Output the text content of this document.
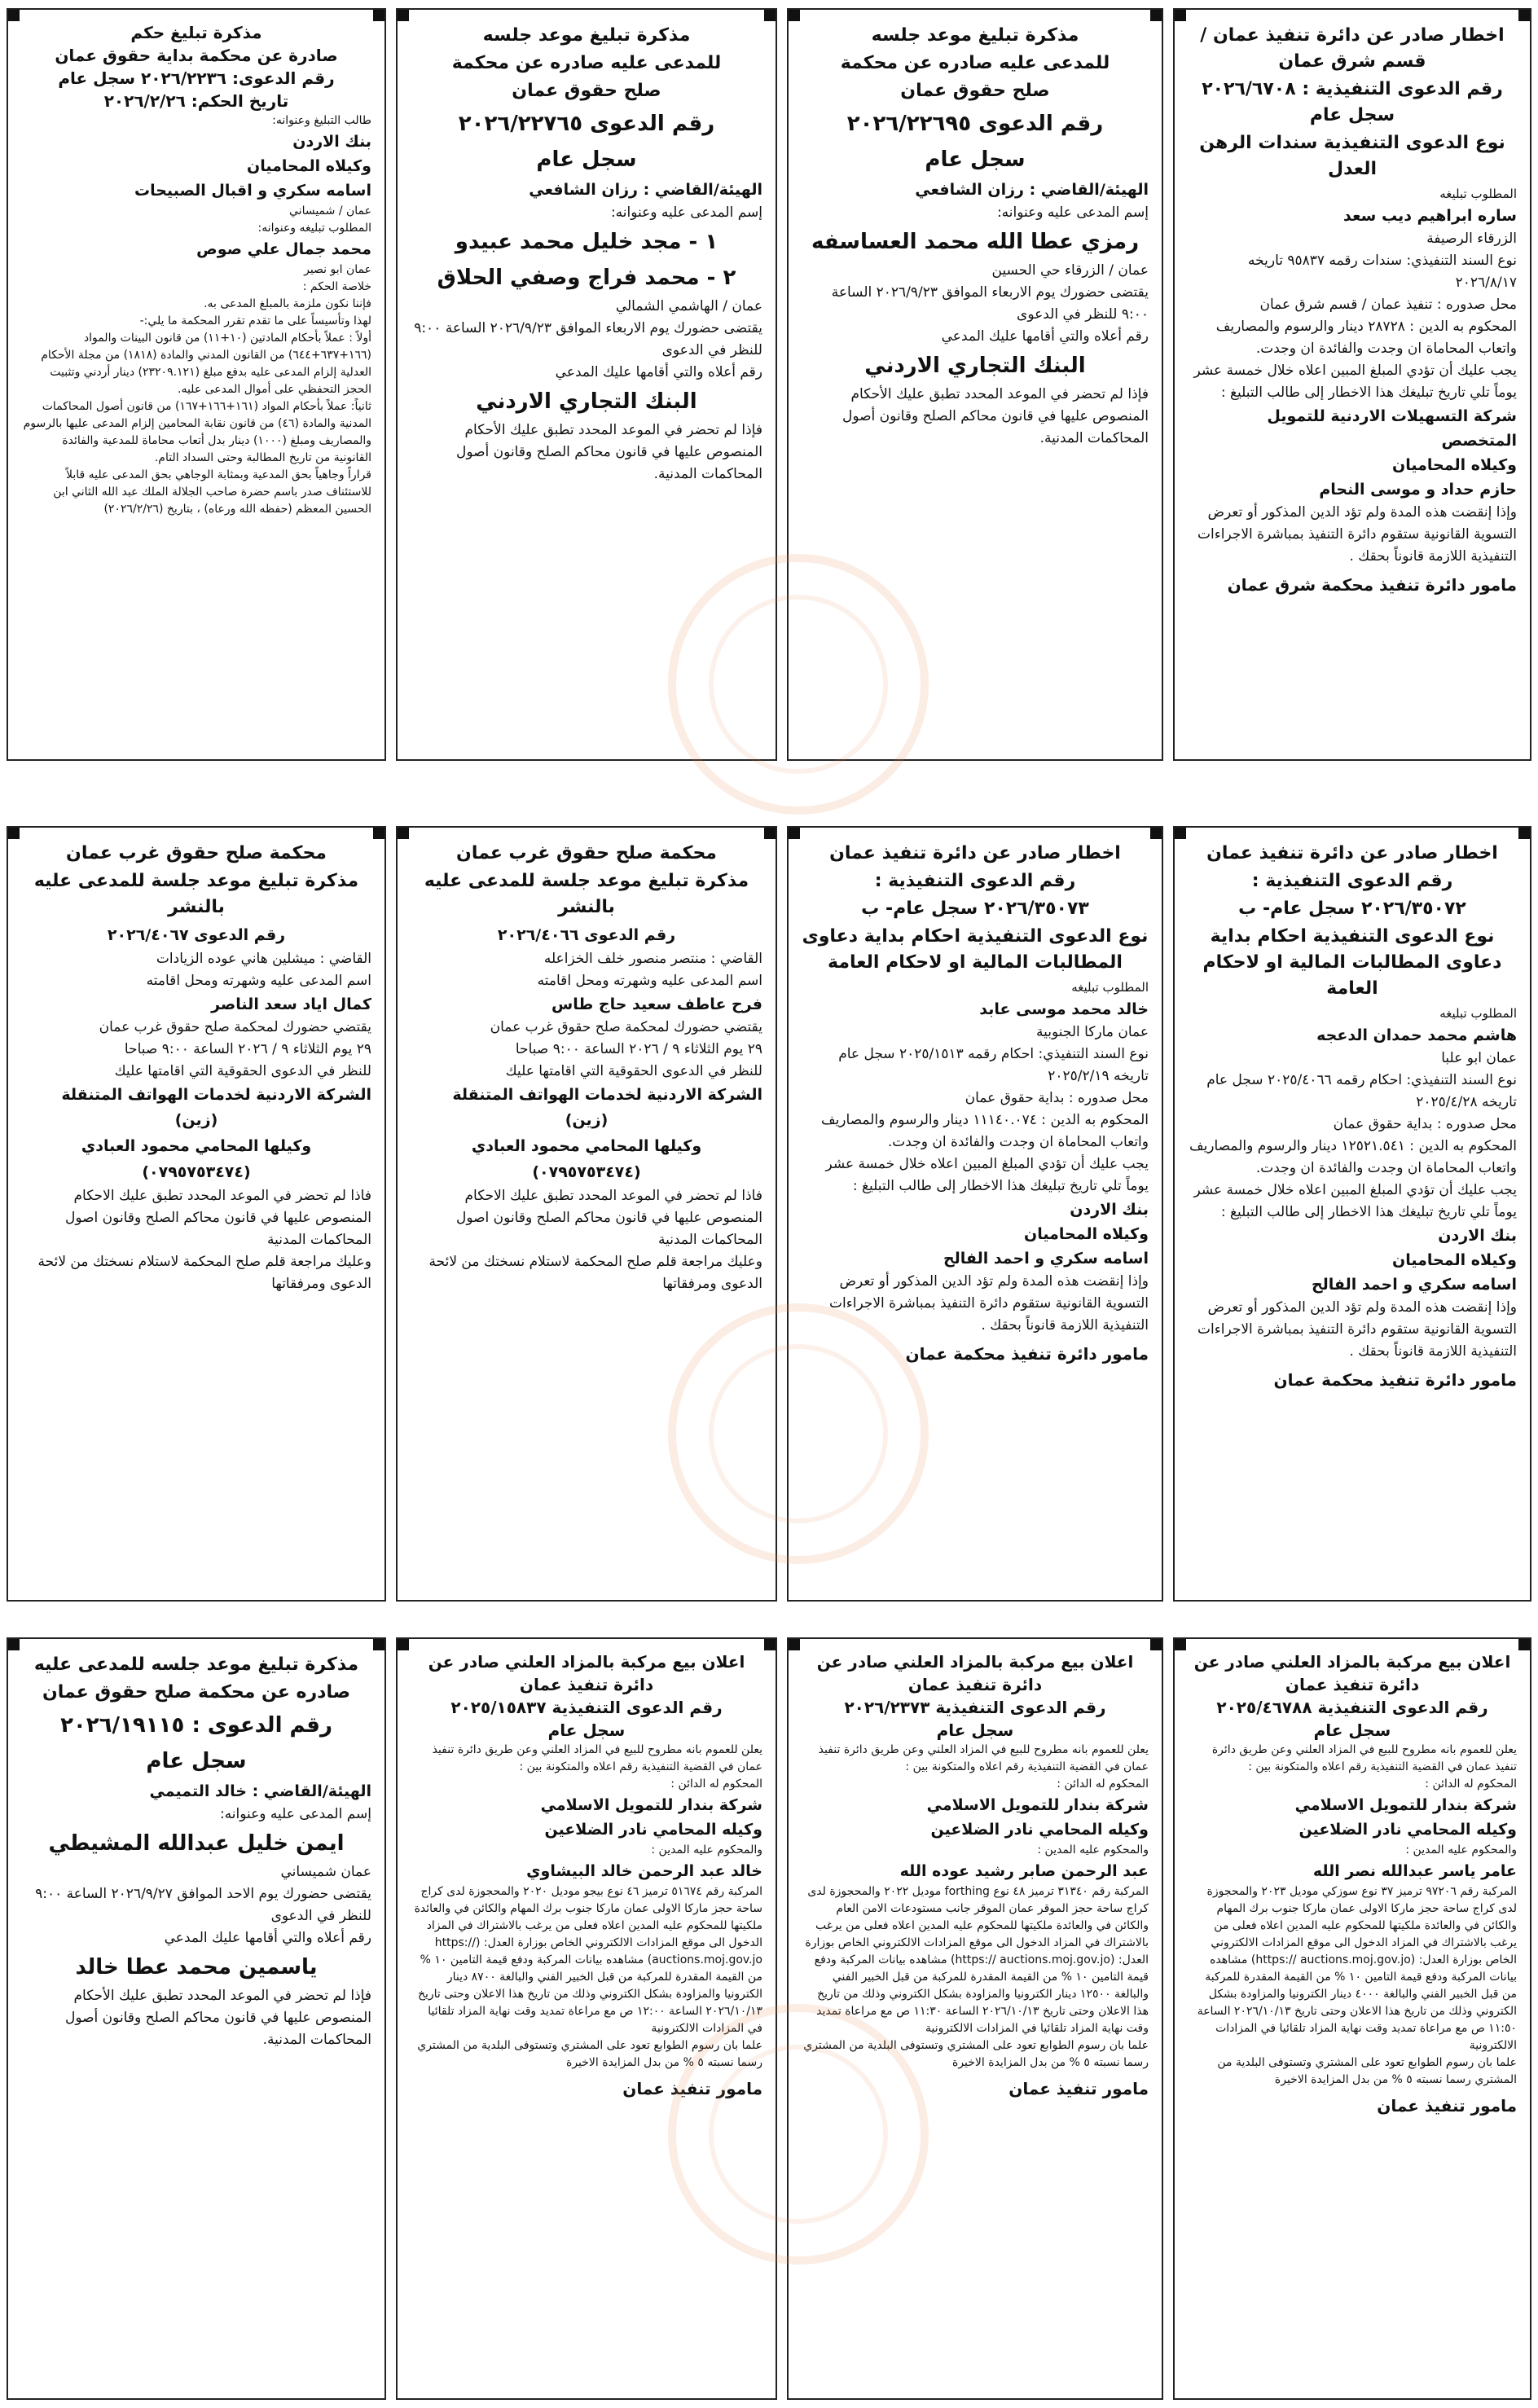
اخطار صادر عن دائرة تنفيذ عمان / قسم شرق عمان
رقم الدعوى التنفيذية : ٢٠٢٦/٦٧٠٨ سجل عام
نوع الدعوى التنفيذية سندات الرهن العدل
المطلوب تبليغه
ساره ابراهيم ديب سعد
الزرقاء الرصيفة
نوع السند التنفيذي: سندات رقمه ٩٥٨٣٧ تاريخه ٢٠٢٦/٨/١٧
محل صدوره : تنفيذ عمان / قسم شرق عمان
المحكوم به الدين : ٢٨٧٢٨ دينار والرسوم والمصاريف واتعاب المحاماة ان وجدت والفائدة ان وجدت.
يجب عليك أن تؤدي المبلغ المبين اعلاه خلال خمسة عشر يوماً تلي تاريخ تبليغك هذا الاخطار إلى طالب التبليغ :
شركة التسهيلات الاردنية للتمويل المتخصص
وكيلاه المحاميان
حازم حداد و موسى النحام
وإذا إنقضت هذه المدة ولم تؤد الدين المذكور أو تعرض التسوية القانونية ستقوم دائرة التنفيذ بمباشرة الاجراءات التنفيذية اللازمة قانوناً بحقك .
مامور دائرة تنفيذ محكمة شرق عمان
مذكرة تبليغ موعد جلسه
للمدعى عليه صادره عن محكمة
صلح حقوق عمان
رقم الدعوى ٢٠٢٦/٢٢٦٩٥
سجل عام
الهيئة/القاضي : رزان الشافعي
إسم المدعى عليه وعنوانه:
رمزي عطا الله محمد العساسفه
عمان / الزرقاء حي الحسين
يقتضى حضورك يوم الاربعاء الموافق ٢٠٢٦/٩/٢٣ الساعة ٩:٠٠ للنظر في الدعوى
رقم أعلاه والتي أقامها عليك المدعي
البنك التجاري الاردني
فإذا لم تحضر في الموعد المحدد تطبق عليك الأحكام المنصوص عليها في قانون محاكم الصلح وقانون أصول المحاكمات المدنية.
مذكرة تبليغ موعد جلسه
للمدعى عليه صادره عن محكمة
صلح حقوق عمان
رقم الدعوى ٢٠٢٦/٢٢٧٦٥
سجل عام
الهيئة/القاضي : رزان الشافعي
إسم المدعى عليه وعنوانه:
١ - مجد خليل محمد عبيدو
٢ - محمد فراج وصفي الحلاق
عمان / الهاشمي الشمالي
يقتضى حضورك يوم الاربعاء الموافق ٢٠٢٦/٩/٢٣ الساعة ٩:٠٠ للنظر في الدعوى
رقم أعلاه والتي أقامها عليك المدعي
البنك التجاري الاردني
فإذا لم تحضر في الموعد المحدد تطبق عليك الأحكام المنصوص عليها في قانون محاكم الصلح وقانون أصول المحاكمات المدنية.
مذكرة تبليغ حكم
صادرة عن محكمة بداية حقوق عمان
رقم الدعوى: ٢٠٢٦/٢٢٣٦ سجل عام
تاريخ الحكم: ٢٠٢٦/٢/٢٦
طالب التبليغ وعنوانه:
بنك الاردن
وكيلاه المحاميان
اسامه سكري و اقبال الصبيحات
عمان / شميساني
المطلوب تبليغه وعنوانه:
محمد جمال علي صوص
عمان ابو نصير
خلاصة الحكم :
فإننا نكون ملزمة بالمبلغ المدعى به.
لهذا وتأسيساً على ما تقدم تقرر المحكمة ما يلي:-
أولاً : عملاً بأحكام المادتين (١٠+١١) من قانون البينات والمواد (١٦٦+٦٣٧+٦٤٤) من القانون المدني والمادة (١٨١٨) من مجلة الأحكام العدلية إلزام المدعى عليه بدفع مبلغ (٢٣٢٠٩.١٢١) دينار أردني وتثبيت الحجز التحفظي على أموال المدعى عليه.
ثانياً: عملاً بأحكام المواد (١٦١+١٦٦+١٦٧) من قانون أصول المحاكمات المدنية والمادة (٤٦) من قانون نقابة المحامين إلزام المدعى عليها بالرسوم والمصاريف ومبلغ (١٠٠٠) دينار بدل أتعاب محاماة للمدعية والفائدة القانونية من تاريخ المطالبة وحتى السداد التام.
قراراً وجاهياً بحق المدعية وبمثابة الوجاهي بحق المدعى عليه قابلاً للاستئناف صدر باسم حضرة صاحب الجلالة الملك عبد الله الثاني ابن الحسين المعظم (حفظه الله ورعاه) ، بتاريخ (٢٠٢٦/٢/٢٦)
اخطار صادر عن دائرة تنفيذ عمان
رقم الدعوى التنفيذية :
٢٠٢٦/٣٥٠٧٢ سجل عام- ب
نوع الدعوى التنفيذية احكام بداية دعاوى المطالبات المالية او لاحكام العامة
المطلوب تبليغه
هاشم محمد حمدان الدعجه
عمان ابو علبا
نوع السند التنفيذي: احكام رقمه ٢٠٢٥/٤٠٦٦ سجل عام تاريخه ٢٠٢٥/٤/٢٨
محل صدوره : بداية حقوق عمان
المحكوم به الدين : ١٢٥٢١.٥٤١ دينار والرسوم والمصاريف واتعاب المحاماة ان وجدت والفائدة ان وجدت.
يجب عليك أن تؤدي المبلغ المبين اعلاه خلال خمسة عشر يوماً تلي تاريخ تبليغك هذا الاخطار إلى طالب التبليغ :
بنك الاردن
وكيلاه المحاميان
اسامه سكري و احمد الفالح
وإذا إنقضت هذه المدة ولم تؤد الدين المذكور أو تعرض التسوية القانونية ستقوم دائرة التنفيذ بمباشرة الاجراءات التنفيذية اللازمة قانوناً بحقك .
مامور دائرة تنفيذ محكمة عمان
اخطار صادر عن دائرة تنفيذ عمان
رقم الدعوى التنفيذية :
٢٠٢٦/٣٥٠٧٣ سجل عام- ب
نوع الدعوى التنفيذية احكام بداية دعاوى المطالبات المالية او لاحكام العامة
المطلوب تبليغه
خالد محمد موسى عابد
عمان ماركا الجنوبية
نوع السند التنفيذي: احكام رقمه ٢٠٢٥/١٥١٣ سجل عام تاريخه ٢٠٢٥/٢/١٩
محل صدوره : بداية حقوق عمان
المحكوم به الدين : ١١١٤٠.٠٧٤ دينار والرسوم والمصاريف واتعاب المحاماة ان وجدت والفائدة ان وجدت.
يجب عليك أن تؤدي المبلغ المبين اعلاه خلال خمسة عشر يوماً تلي تاريخ تبليغك هذا الاخطار إلى طالب التبليغ :
بنك الاردن
وكيلاه المحاميان
اسامه سكري و احمد الفالح
وإذا إنقضت هذه المدة ولم تؤد الدين المذكور أو تعرض التسوية القانونية ستقوم دائرة التنفيذ بمباشرة الاجراءات التنفيذية اللازمة قانوناً بحقك .
مامور دائرة تنفيذ محكمة عمان
محكمة صلح حقوق غرب عمان
مذكرة تبليغ موعد جلسة للمدعى عليه بالنشر
رقم الدعوى ٢٠٢٦/٤٠٦٦
القاضي : منتصر منصور خلف الخزاعله
اسم المدعى عليه وشهرته ومحل اقامته
فرح عاطف سعيد حاج طاس
يقتضي حضورك لمحكمة صلح حقوق غرب عمان
٢٩ يوم الثلاثاء ٩ / ٢٠٢٦ الساعة ٩:٠٠ صباحا
للنظر في الدعوى الحقوقية التي اقامتها عليك
الشركة الاردنية لخدمات الهواتف المتنقلة
(زين)
وكيلها المحامي محمود العبادي
(٠٧٩٥٧٥٣٤٧٤)
فاذا لم تحضر في الموعد المحدد تطبق عليك الاحكام المنصوص عليها في قانون محاكم الصلح وقانون اصول المحاكمات المدنية
وعليك مراجعة قلم صلح المحكمة لاستلام نسختك من لائحة الدعوى ومرفقاتها
محكمة صلح حقوق غرب عمان
مذكرة تبليغ موعد جلسة للمدعى عليه بالنشر
رقم الدعوى ٢٠٢٦/٤٠٦٧
القاضي : ميشلين هاني عوده الزيادات
اسم المدعى عليه وشهرته ومحل اقامته
كمال اياد سعد الناصر
يقتضي حضورك لمحكمة صلح حقوق غرب عمان
٢٩ يوم الثلاثاء ٩ / ٢٠٢٦ الساعة ٩:٠٠ صباحا
للنظر في الدعوى الحقوقية التي اقامتها عليك
الشركة الاردنية لخدمات الهواتف المتنقلة
(زين)
وكيلها المحامي محمود العبادي
(٠٧٩٥٧٥٣٤٧٤)
فاذا لم تحضر في الموعد المحدد تطبق عليك الاحكام المنصوص عليها في قانون محاكم الصلح وقانون اصول المحاكمات المدنية
وعليك مراجعة قلم صلح المحكمة لاستلام نسختك من لائحة الدعوى ومرفقاتها
اعلان بيع مركبة بالمزاد العلني صادر عن دائرة تنفيذ عمان
رقم الدعوى التنفيذية ٢٠٢٥/٤٦٧٨٨
سجل عام
يعلن للعموم بانه مطروح للبيع في المزاد العلني وعن طريق دائرة تنفيذ عمان في القضية التنفيذية رقم اعلاه والمتكونة بين :
المحكوم له الدائن :
شركة بندار للتمويل الاسلامي
وكيله المحامي نادر الضلاعين
والمحكوم عليه المدين :
عامر ياسر عبدالله نصر الله
المركبة رقم ٩٧٢٠٦ ترميز ٣٧ نوع سوزكي موديل ٢٠٢٣ والمحجوزة لدى كراج ساحة حجز ماركا الاولى عمان ماركا جنوب برك المهام والكائن في والعائدة ملكيتها للمحكوم عليه المدين اعلاه فعلى من يرغب بالاشتراك في المزاد الدخول الى موقع المزادات الالكتروني الخاص بوزارة العدل: (https:// auctions.moj.gov.jo) مشاهده بيانات المركبة ودفع قيمة التامين ١٠ % من القيمة المقدرة للمركبة من قبل الخبير الفني والبالغة ٤٠٠٠ دينار الكترونيا والمزاودة بشكل الكتروني وذلك من تاريخ هذا الاعلان وحتى تاريخ ٢٠٢٦/١٠/١٣ الساعة ١١:٥٠ ص مع مراعاة تمديد وقت نهاية المزاد تلقائيا في المزادات الالكترونية
علما بان رسوم الطوابع تعود على المشتري وتستوفى البلدية من المشتري رسما نسبته ٥ % من بدل المزايدة الاخيرة
مامور تنفيذ عمان
اعلان بيع مركبة بالمزاد العلني صادر عن دائرة تنفيذ عمان
رقم الدعوى التنفيذية ٢٠٢٦/٢٣٧٣
سجل عام
يعلن للعموم بانه مطروح للبيع في المزاد العلني وعن طريق دائرة تنفيذ عمان في القضية التنفيذية رقم اعلاه والمتكونة بين :
المحكوم له الدائن :
شركة بندار للتمويل الاسلامي
وكيله المحامي نادر الضلاعين
والمحكوم عليه المدين :
عبد الرحمن صابر رشيد عوده الله
المركبة رقم ٣١٣٤٠ ترميز ٤٨ نوع forthing موديل ٢٠٢٢ والمحجوزة لدى كراج ساحة حجز الموقر عمان الموقر جانب مستودعات الامن العام والكائن في والعائدة ملكيتها للمحكوم عليه المدين اعلاه فعلى من يرغب بالاشتراك في المزاد الدخول الى موقع المزادات الالكتروني الخاص بوزارة العدل: (https:// auctions.moj.gov.jo) مشاهده بيانات المركبة ودفع قيمة التامين ١٠ % من القيمة المقدرة للمركبة من قبل الخبير الفني والبالغة ١٢٥٠٠ دينار الكترونيا والمزاودة بشكل الكتروني وذلك من تاريخ هذا الاعلان وحتى تاريخ ٢٠٢٦/١٠/١٣ الساعة ١١:٣٠ ص مع مراعاة تمديد وقت نهاية المزاد تلقائيا في المزادات الالكترونية
علما بان رسوم الطوابع تعود على المشتري وتستوفى البلدية من المشتري رسما نسبته ٥ % من بدل المزايدة الاخيرة
مامور تنفيذ عمان
اعلان بيع مركبة بالمزاد العلني صادر عن دائرة تنفيذ عمان
رقم الدعوى التنفيذية ٢٠٢٥/١٥٨٣٧
سجل عام
يعلن للعموم بانه مطروح للبيع في المزاد العلني وعن طريق دائرة تنفيذ عمان في القضية التنفيذية رقم اعلاه والمتكونة بين :
المحكوم له الدائن :
شركة بندار للتمويل الاسلامي
وكيله المحامي نادر الضلاعين
والمحكوم عليه المدين :
خالد عبد الرحمن خالد البيشاوي
المركبة رقم ٥١٦٧٤ ترميز ٤٦ نوع بيجو موديل ٢٠٢٠ والمحجوزة لدى كراج ساحة حجز ماركا الاولى عمان ماركا جنوب برك المهام والكائن في والعائدة ملكيتها للمحكوم عليه المدين اعلاه فعلى من يرغب بالاشتراك في المزاد الدخول الى موقع المزادات الالكتروني الخاص بوزارة العدل: (https:// auctions.moj.gov.jo) مشاهده بيانات المركبة ودفع قيمة التامين ١٠ % من القيمة المقدرة للمركبة من قبل الخبير الفني والبالغة ٨٧٠٠ دينار الكترونيا والمزاودة بشكل الكتروني وذلك من تاريخ هذا الاعلان وحتى تاريخ ٢٠٢٦/١٠/١٣ الساعة ١٢:٠٠ ص مع مراعاة تمديد وقت نهاية المزاد تلقائيا في المزادات الالكترونية
علما بان رسوم الطوابع تعود على المشتري وتستوفى البلدية من المشتري رسما نسبته ٥ % من بدل المزايدة الاخيرة
مامور تنفيذ عمان
مذكرة تبليغ موعد جلسه للمدعى عليه
صادره عن محكمة صلح حقوق عمان
رقم الدعوى : ٢٠٢٦/١٩١١٥
سجل عام
الهيئة/القاضي : خالد التميمي
إسم المدعى عليه وعنوانه:
ايمن خليل عبدالله المشيطي
عمان شميساني
يقتضى حضورك يوم الاحد الموافق ٢٠٢٦/٩/٢٧ الساعة ٩:٠٠ للنظر في الدعوى
رقم أعلاه والتي أقامها عليك المدعي
ياسمين محمد عطا خالد
فإذا لم تحضر في الموعد المحدد تطبق عليك الأحكام المنصوص عليها في قانون محاكم الصلح وقانون أصول المحاكمات المدنية.
